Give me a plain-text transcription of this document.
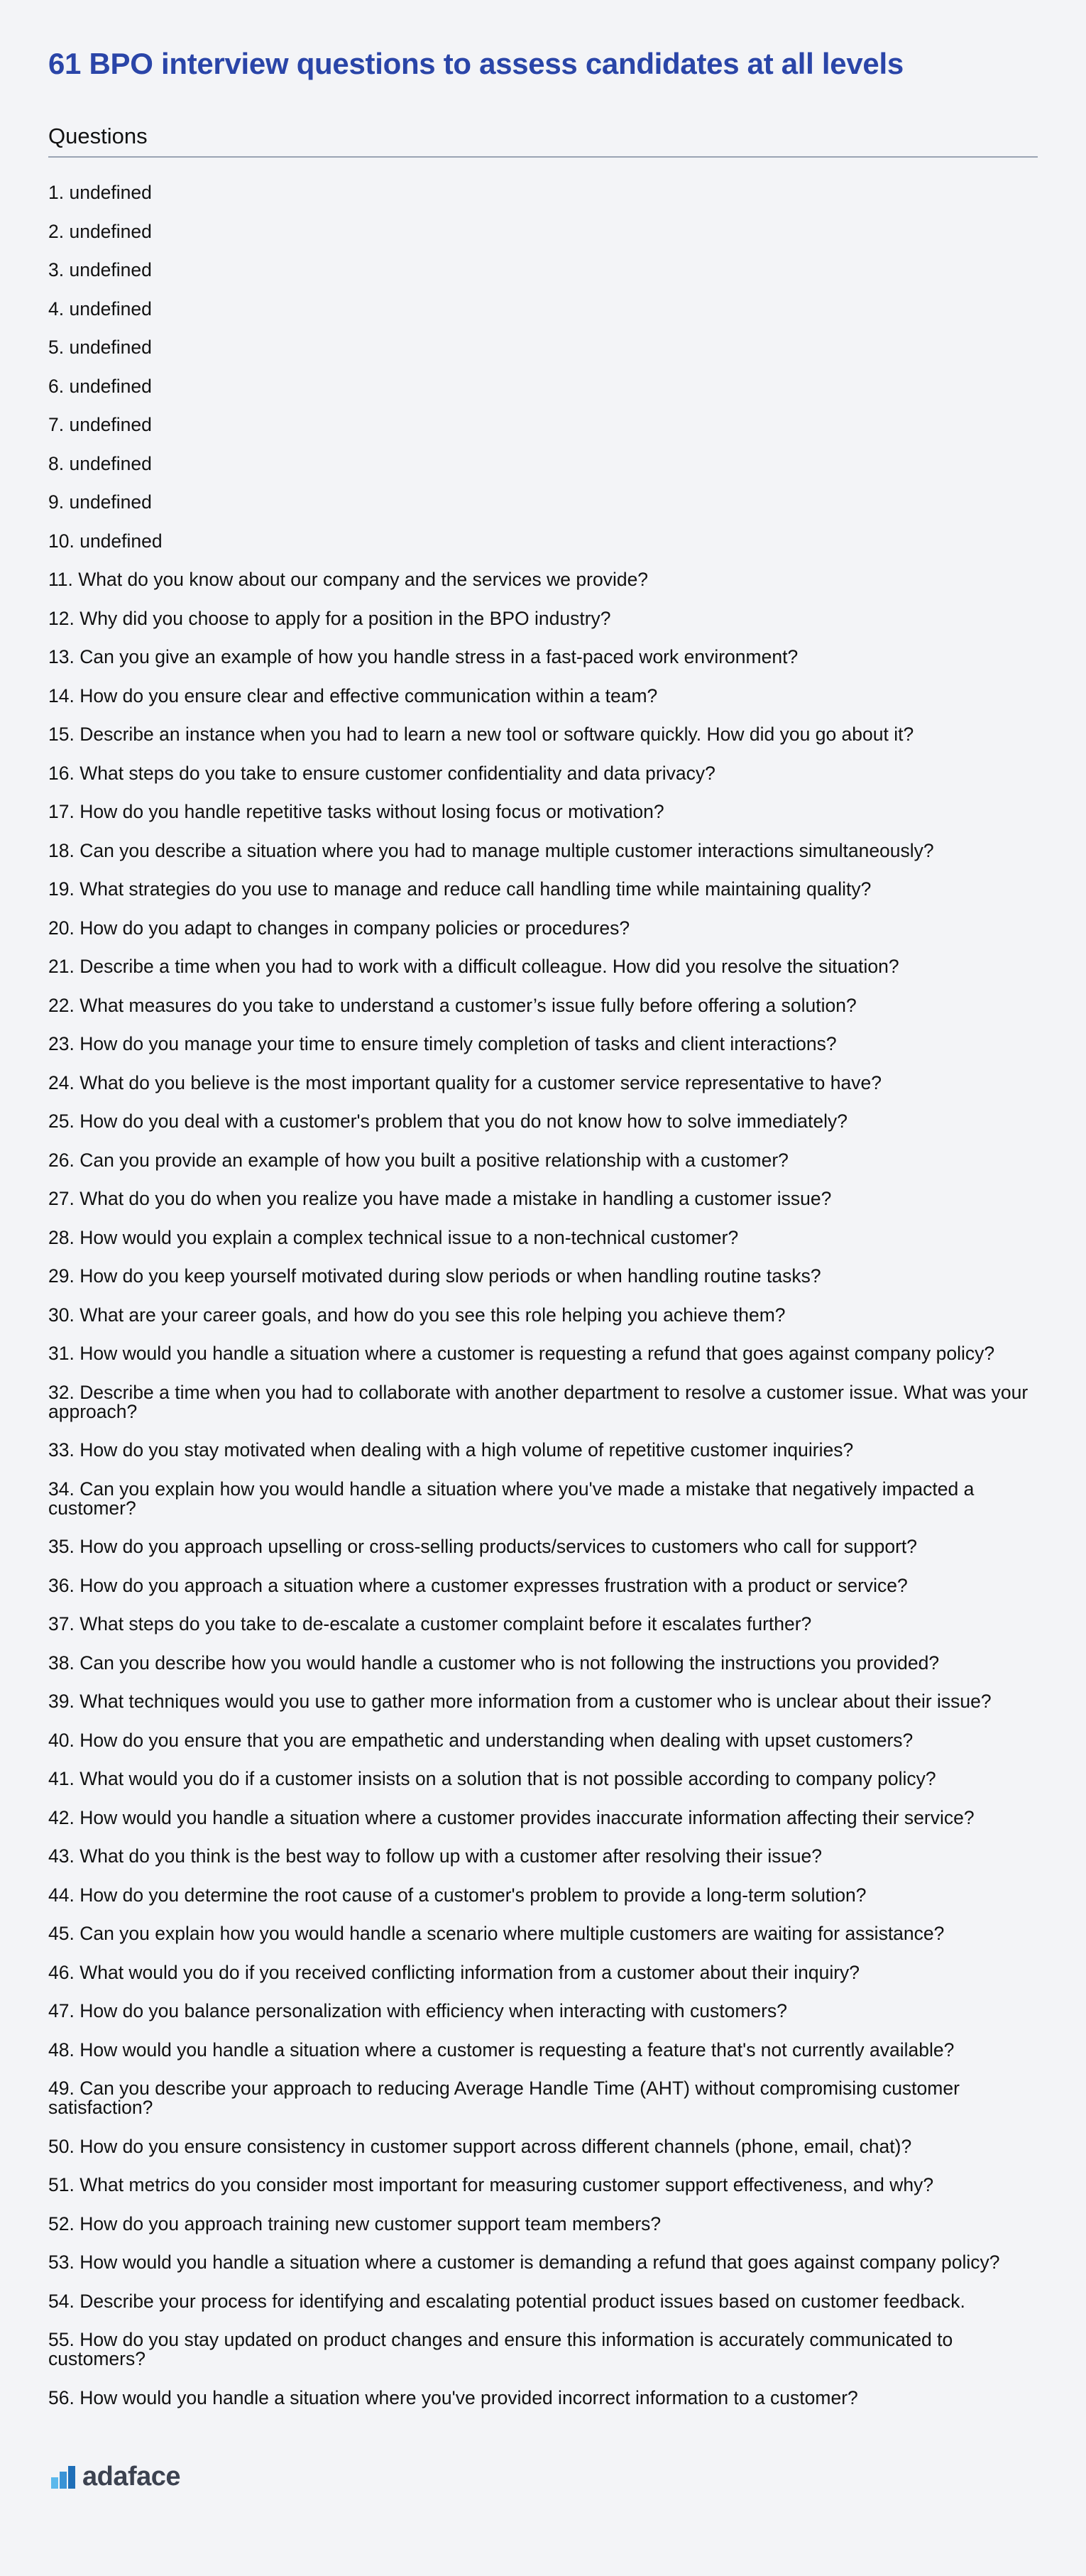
61 BPO interview questions to assess candidates at all levels
Questions
1. undefined
2. undefined
3. undefined
4. undefined
5. undefined
6. undefined
7. undefined
8. undefined
9. undefined
10. undefined
11. What do you know about our company and the services we provide?
12. Why did you choose to apply for a position in the BPO industry?
13. Can you give an example of how you handle stress in a fast-paced work environment?
14. How do you ensure clear and effective communication within a team?
15. Describe an instance when you had to learn a new tool or software quickly. How did you go about it?
16. What steps do you take to ensure customer confidentiality and data privacy?
17. How do you handle repetitive tasks without losing focus or motivation?
18. Can you describe a situation where you had to manage multiple customer interactions simultaneously?
19. What strategies do you use to manage and reduce call handling time while maintaining quality?
20. How do you adapt to changes in company policies or procedures?
21. Describe a time when you had to work with a difficult colleague. How did you resolve the situation?
22. What measures do you take to understand a customer’s issue fully before offering a solution?
23. How do you manage your time to ensure timely completion of tasks and client interactions?
24. What do you believe is the most important quality for a customer service representative to have?
25. How do you deal with a customer's problem that you do not know how to solve immediately?
26. Can you provide an example of how you built a positive relationship with a customer?
27. What do you do when you realize you have made a mistake in handling a customer issue?
28. How would you explain a complex technical issue to a non-technical customer?
29. How do you keep yourself motivated during slow periods or when handling routine tasks?
30. What are your career goals, and how do you see this role helping you achieve them?
31. How would you handle a situation where a customer is requesting a refund that goes against company policy?
32. Describe a time when you had to collaborate with another department to resolve a customer issue. What was your approach?
33. How do you stay motivated when dealing with a high volume of repetitive customer inquiries?
34. Can you explain how you would handle a situation where you've made a mistake that negatively impacted a customer?
35. How do you approach upselling or cross-selling products/services to customers who call for support?
36. How do you approach a situation where a customer expresses frustration with a product or service?
37. What steps do you take to de-escalate a customer complaint before it escalates further?
38. Can you describe how you would handle a customer who is not following the instructions you provided?
39. What techniques would you use to gather more information from a customer who is unclear about their issue?
40. How do you ensure that you are empathetic and understanding when dealing with upset customers?
41. What would you do if a customer insists on a solution that is not possible according to company policy?
42. How would you handle a situation where a customer provides inaccurate information affecting their service?
43. What do you think is the best way to follow up with a customer after resolving their issue?
44. How do you determine the root cause of a customer's problem to provide a long-term solution?
45. Can you explain how you would handle a scenario where multiple customers are waiting for assistance?
46. What would you do if you received conflicting information from a customer about their inquiry?
47. How do you balance personalization with efficiency when interacting with customers?
48. How would you handle a situation where a customer is requesting a feature that's not currently available?
49. Can you describe your approach to reducing Average Handle Time (AHT) without compromising customer satisfaction?
50. How do you ensure consistency in customer support across different channels (phone, email, chat)?
51. What metrics do you consider most important for measuring customer support effectiveness, and why?
52. How do you approach training new customer support team members?
53. How would you handle a situation where a customer is demanding a refund that goes against company policy?
54. Describe your process for identifying and escalating potential product issues based on customer feedback.
55. How do you stay updated on product changes and ensure this information is accurately communicated to customers?
56. How would you handle a situation where you've provided incorrect information to a customer?
adaface
